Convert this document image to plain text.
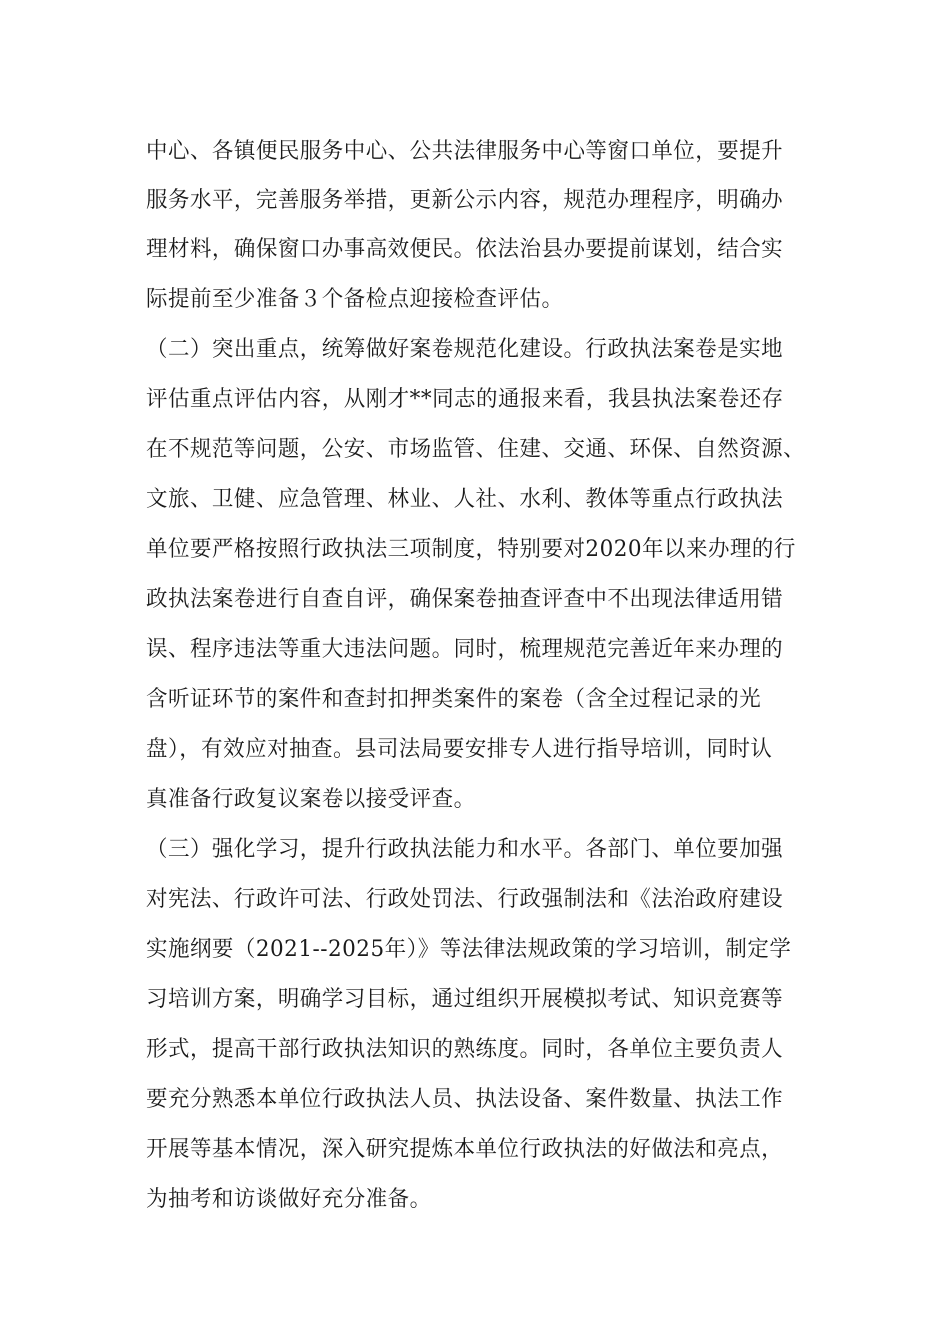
中心、各镇便民服务中心、公共法律服务中心等窗口单位，要提升
服务水平，完善服务举措，更新公示内容，规范办理程序，明确办
理材料，确保窗口办事高效便民。依法治县办要提前谋划，结合实
际提前至少准备３个备检点迎接检查评估。
（二）突出重点，统筹做好案卷规范化建设。行政执法案卷是实地
评估重点评估内容，从刚才**同志的通报来看，我县执法案卷还存
在不规范等问题，公安、市场监管、住建、交通、环保、自然资源、
文旅、卫健、应急管理、林业、人社、水利、教体等重点行政执法
单位要严格按照行政执法三项制度，特别要对2020年以来办理的行
政执法案卷进行自查自评，确保案卷抽查评查中不出现法律适用错
误、程序违法等重大违法问题。同时，梳理规范完善近年来办理的
含听证环节的案件和查封扣押类案件的案卷（含全过程记录的光
盘），有效应对抽查。县司法局要安排专人进行指导培训，同时认
真准备行政复议案卷以接受评查。
（三）强化学习，提升行政执法能力和水平。各部门、单位要加强
对宪法、行政许可法、行政处罚法、行政强制法和《法治政府建设
实施纲要（2021--2025年）》等法律法规政策的学习培训，制定学
习培训方案，明确学习目标，通过组织开展模拟考试、知识竞赛等
形式，提高干部行政执法知识的熟练度。同时，各单位主要负责人
要充分熟悉本单位行政执法人员、执法设备、案件数量、执法工作
开展等基本情况，深入研究提炼本单位行政执法的好做法和亮点，
为抽考和访谈做好充分准备。
